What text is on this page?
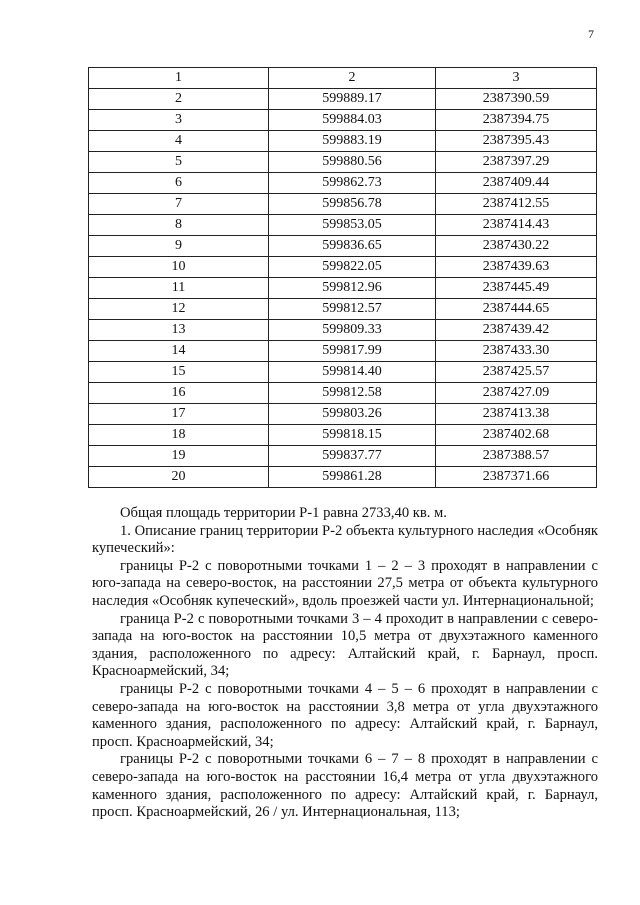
7
1	2	3
2	599889.17	2387390.59
3	599884.03	2387394.75
4	599883.19	2387395.43
5	599880.56	2387397.29
6	599862.73	2387409.44
7	599856.78	2387412.55
8	599853.05	2387414.43
9	599836.65	2387430.22
10	599822.05	2387439.63
11	599812.96	2387445.49
12	599812.57	2387444.65
13	599809.33	2387439.42
14	599817.99	2387433.30
15	599814.40	2387425.57
16	599812.58	2387427.09
17	599803.26	2387413.38
18	599818.15	2387402.68
19	599837.77	2387388.57
20	599861.28	2387371.66

Общая площадь территории Р-1 равна 2733,40 кв. м.

1. Описание границ территории Р-2 объекта культурного наследия «Особняк купеческий»:

границы Р-2 с поворотными точками 1 – 2 – 3 проходят в направлении с юго-запада на северо-восток, на расстоянии 27,5 метра от объекта культурного наследия «Особняк купеческий», вдоль проезжей части ул. Интернациональной;

граница Р-2 с поворотными точками 3 – 4 проходит в направлении с северо-запада на юго-восток на расстоянии 10,5 метра от двухэтажного каменного здания, расположенного по адресу: Алтайский край, г. Барнаул, просп. Красноармейский, 34;

границы Р-2 с поворотными точками 4 – 5 – 6 проходят в направлении с северо-запада на юго-восток на расстоянии 3,8 метра от угла двухэтажного каменного здания, расположенного по адресу: Алтайский край, г. Барнаул, просп. Красноармейский, 34;

границы Р-2 с поворотными точками 6 – 7 – 8 проходят в направлении с северо-запада на юго-восток на расстоянии 16,4 метра от угла двухэтажного каменного здания, расположенного по адресу: Алтайский край, г. Барнаул, просп. Красноармейский, 26 / ул. Интернациональная, 113;
